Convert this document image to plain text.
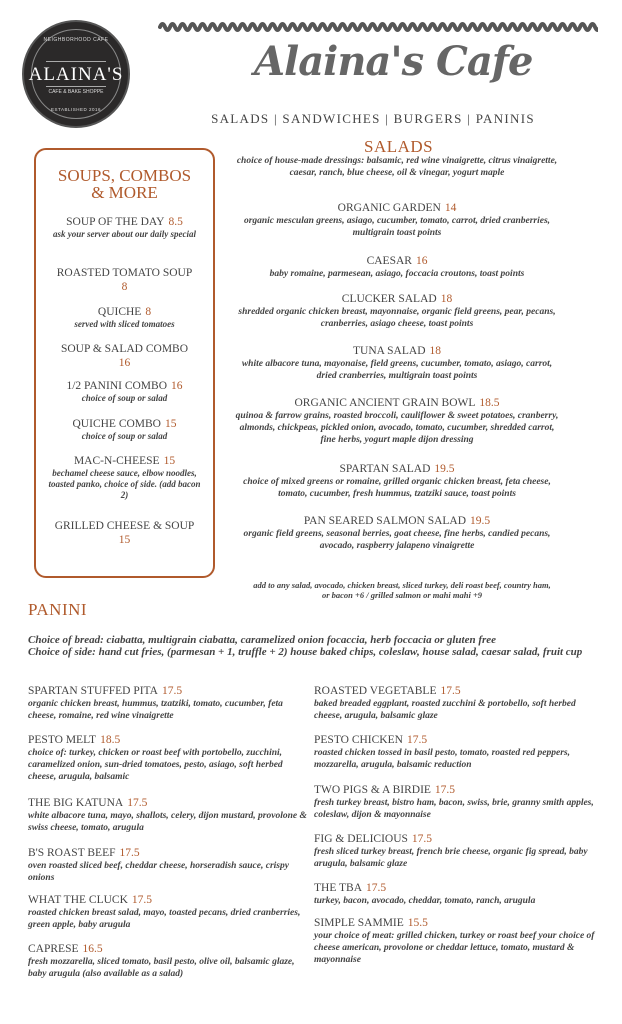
NEIGHBORHOOD CAFE
ALAINA'S
CAFE & BAKE SHOPPE
ESTABLISHED 2016
Alaina's Cafe
SALADS | SANDWICHES | BURGERS | PANINIS
SOUPS, COMBOS
& MORE
SOUP OF THE DAY 8.5
ask your server about our daily special
ROASTED TOMATO SOUP
8
QUICHE 8
served with sliced tomatoes
SOUP & SALAD COMBO
16
1/2 PANINI COMBO 16
choice of soup or salad
QUICHE COMBO 15
choice of soup or salad
MAC-N-CHEESE 15
bechamel cheese sauce, elbow noodles, toasted panko, choice of side. (add bacon 2)
GRILLED CHEESE & SOUP
15
SALADS
choice of house-made dressings: balsamic, red wine vinaigrette, citrus vinaigrette, caesar, ranch, blue cheese, oil & vinegar, yogurt maple
ORGANIC GARDEN 14
organic mesculan greens, asiago, cucumber, tomato, carrot, dried cranberries, multigrain toast points
CAESAR 16
baby romaine, parmesean, asiago, foccacia croutons, toast points
CLUCKER SALAD 18
shredded organic chicken breast, mayonnaise, organic field greens, pear, pecans, cranberries, asiago cheese, toast points
TUNA SALAD 18
white albacore tuna, mayonaise, field greens, cucumber, tomato, asiago, carrot, dried cranberries, multigrain toast points
ORGANIC ANCIENT GRAIN BOWL 18.5
quinoa & farrow grains, roasted broccoli, cauliflower & sweet potatoes, cranberry, almonds, chickpeas, pickled onion, avocado, tomato, cucumber, shredded carrot, fine herbs, yogurt maple dijon dressing
SPARTAN SALAD 19.5
choice of mixed greens or romaine, grilled organic chicken breast, feta cheese, tomato, cucumber, fresh hummus, tzatziki sauce, toast points
PAN SEARED SALMON SALAD 19.5
organic field greens, seasonal berries, goat cheese, fine herbs, candied pecans, avocado, raspberry jalapeno vinaigrette
add to any salad, avocado, chicken breast, sliced turkey, deli roast beef, country ham, or bacon +6 / grilled salmon or mahi mahi +9
PANINI
Choice of bread: ciabatta, multigrain ciabatta, caramelized onion focaccia, herb foccacia or gluten free
Choice of side: hand cut fries, (parmesan + 1, truffle + 2) house baked chips, coleslaw, house salad, caesar salad, fruit cup
SPARTAN STUFFED PITA 17.5
organic chicken breast, hummus, tzatziki, tomato, cucumber, feta cheese, romaine, red wine vinaigrette
PESTO MELT 18.5
choice of: turkey, chicken or roast beef with portobello, zucchini, caramelized onion, sun-dried tomatoes, pesto, asiago, soft herbed cheese, arugula, balsamic
THE BIG KATUNA 17.5
white albacore tuna, mayo, shallots, celery, dijon mustard, provolone & swiss cheese, tomato, arugula
B'S ROAST BEEF 17.5
oven roasted sliced beef, cheddar cheese, horseradish sauce, crispy onions
WHAT THE CLUCK 17.5
roasted chicken breast salad, mayo, toasted pecans, dried cranberries, green apple, baby arugula
CAPRESE 16.5
fresh mozzarella, sliced tomato, basil pesto, olive oil, balsamic glaze, baby arugula (also available as a salad)
ROASTED VEGETABLE 17.5
baked breaded eggplant, roasted zucchini & portobello, soft herbed cheese, arugula, balsamic glaze
PESTO CHICKEN 17.5
roasted chicken tossed in basil pesto, tomato, roasted red peppers, mozzarella, arugula, balsamic reduction
TWO PIGS & A BIRDIE 17.5
fresh turkey breast, bistro ham, bacon, swiss, brie, granny smith apples, coleslaw, dijon & mayonnaise
FIG & DELICIOUS 17.5
fresh sliced turkey breast, french brie cheese, organic fig spread, baby arugula, balsamic glaze
THE TBA 17.5
turkey, bacon, avocado, cheddar, tomato, ranch, arugula
SIMPLE SAMMIE 15.5
your choice of meat: grilled chicken, turkey or roast beef your choice of cheese american, provolone or cheddar lettuce, tomato, mustard & mayonnaise
